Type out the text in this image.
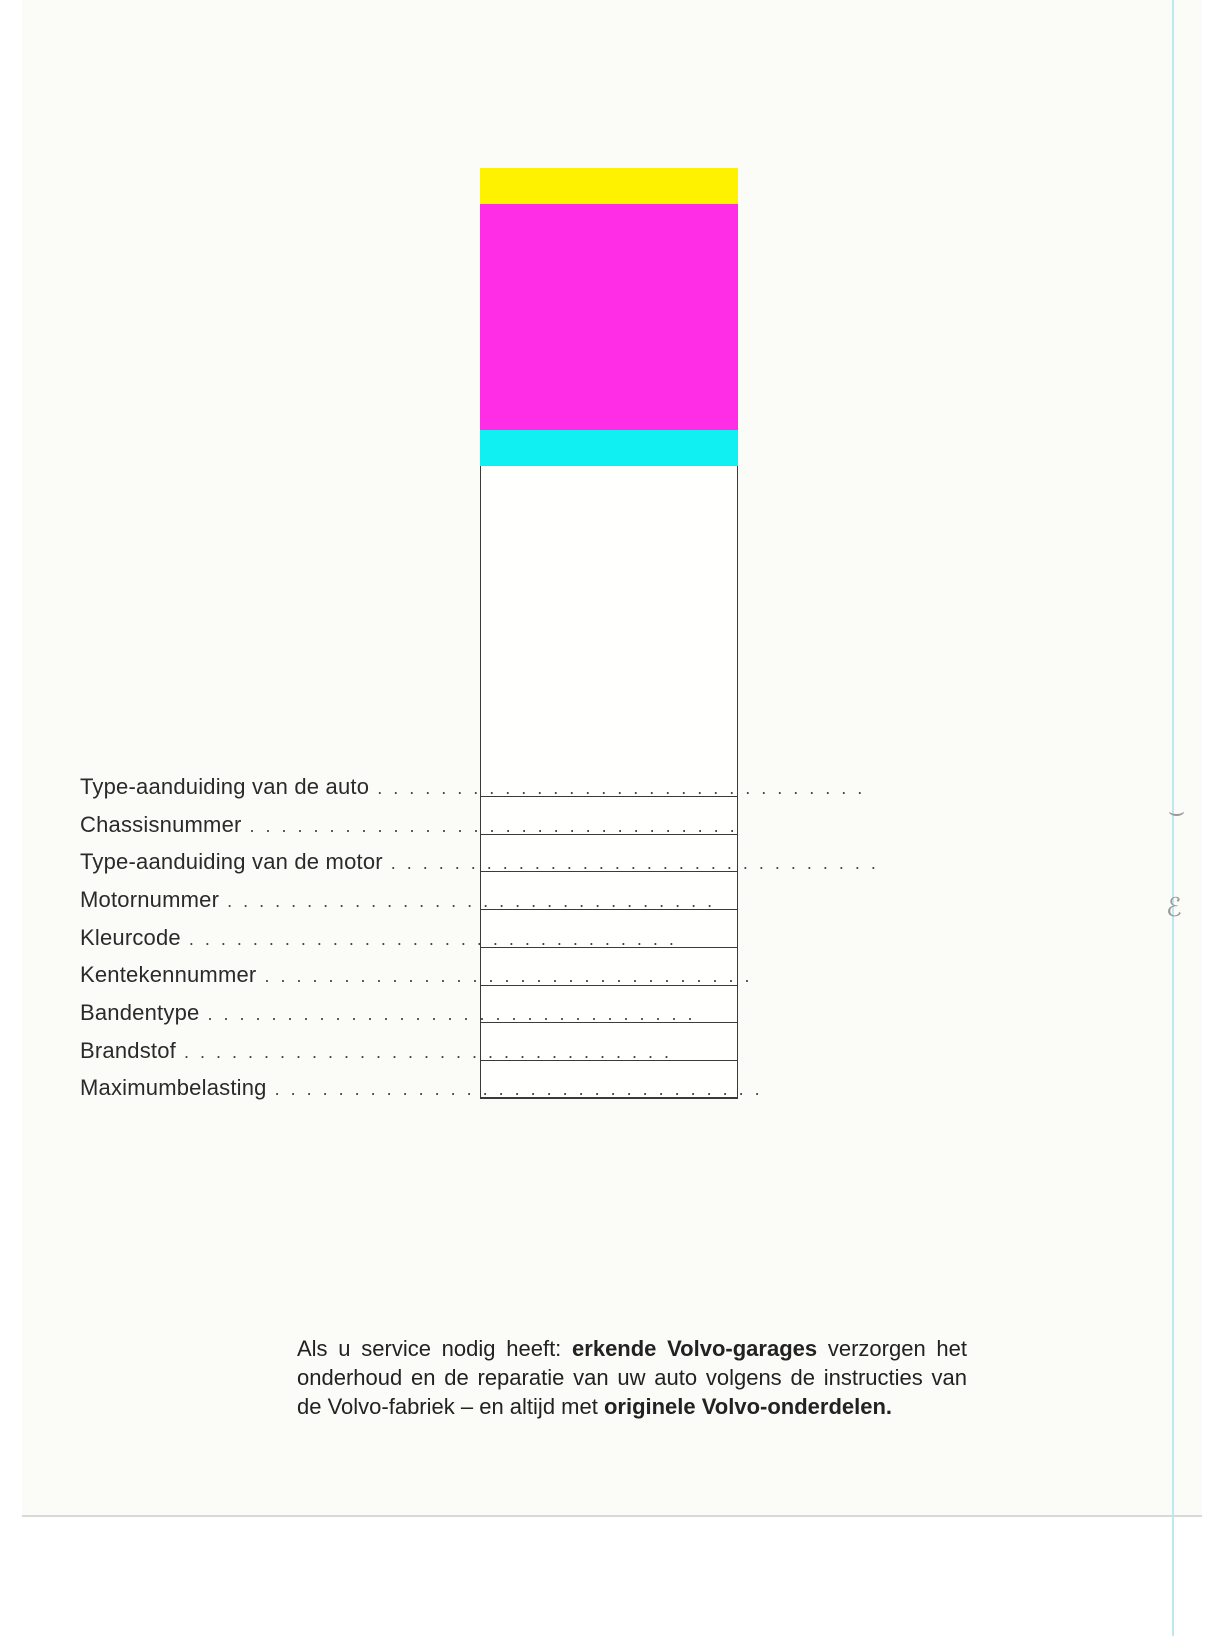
Type-aanduiding van de auto . . . . . . . . . . . . . . . . . . . . . . . . . . . . . . .
Chassisnummer . . . . . . . . . . . . . . . . . . . . . . . . . . . . . . .
Type-aanduiding van de motor . . . . . . . . . . . . . . . . . . . . . . . . . . . . . . .
Motornummer . . . . . . . . . . . . . . . . . . . . . . . . . . . . . . .
Kleurcode . . . . . . . . . . . . . . . . . . . . . . . . . . . . . . .
Kentekennummer . . . . . . . . . . . . . . . . . . . . . . . . . . . . . . .
Bandentype . . . . . . . . . . . . . . . . . . . . . . . . . . . . . . .
Brandstof . . . . . . . . . . . . . . . . . . . . . . . . . . . . . . .
Maximumbelasting . . . . . . . . . . . . . . . . . . . . . . . . . . . . . . .
Als u service nodig heeft: erkende Volvo-garages verzorgen het onderhoud en de reparatie van uw auto volgens de instructies van de Volvo-fabriek – en altijd met originele Volvo-onderdelen.
⌣
ℰ
